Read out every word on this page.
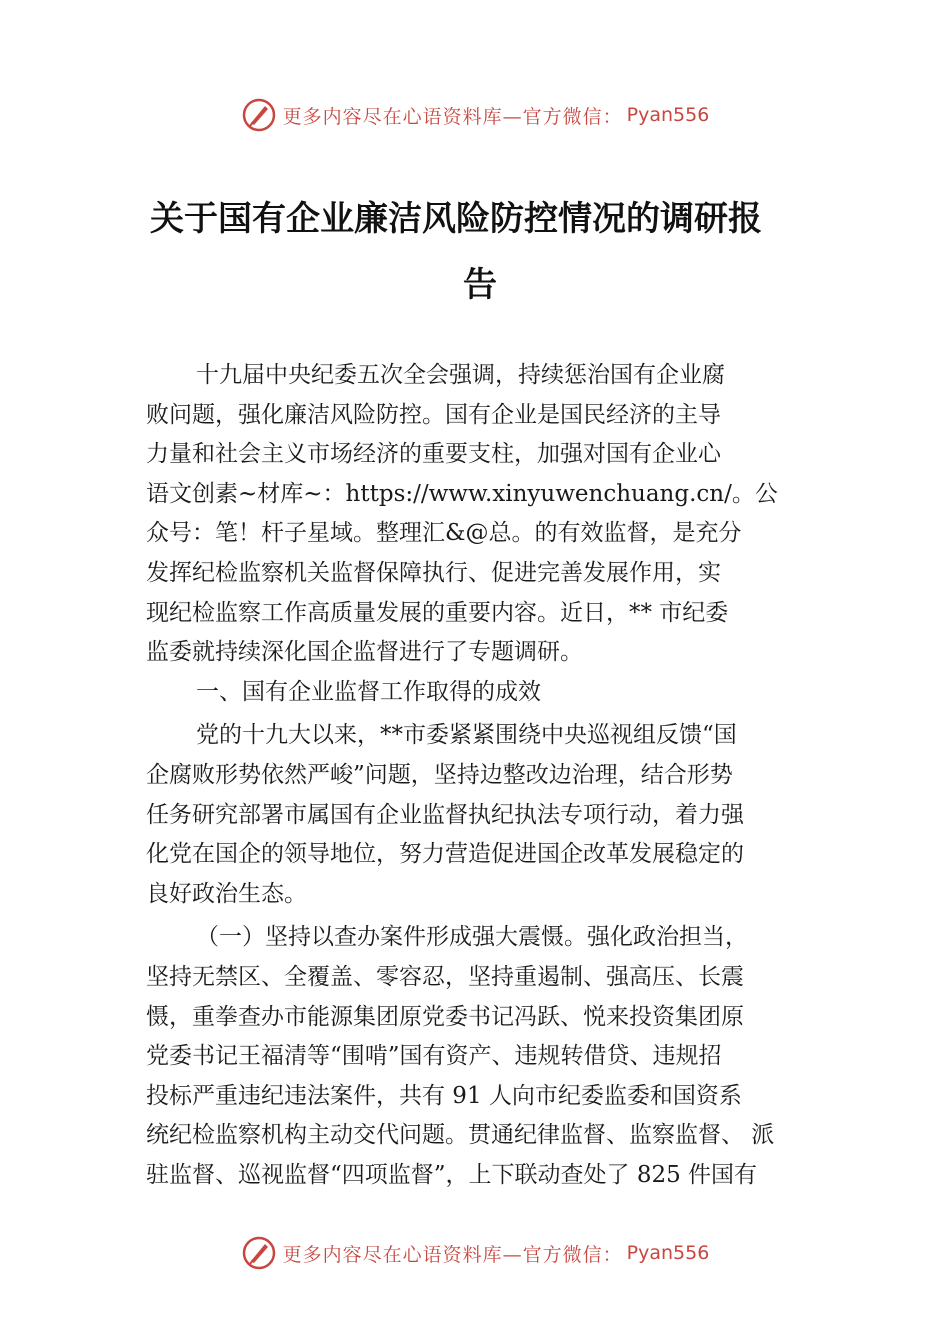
更多内容尽在心语资料库—官方微信： Pyan556
关于国有企业廉洁风险防控情况的调研报
告
十九届中央纪委五次全会强调，持续惩治国有企业腐
败问题，强化廉洁风险防控。国有企业是国民经济的主导
力量和社会主义市场经济的重要支柱，加强对国有企业心
语文创素~材库~：https://www.xinyuwenchuang.cn/。公
众号：笔！杆子星域。整理汇&@总。的有效监督，是充分
发挥纪检监察机关监督保障执行、促进完善发展作用，实
现纪检监察工作高质量发展的重要内容。近日，** 市纪委
监委就持续深化国企监督进行了专题调研。
一、国有企业监督工作取得的成效
党的十九大以来，**市委紧紧围绕中央巡视组反馈“国
企腐败形势依然严峻”问题，坚持边整改边治理，结合形势
任务研究部署市属国有企业监督执纪执法专项行动，着力强
化党在国企的领导地位，努力营造促进国企改革发展稳定的
良好政治生态。
（一）坚持以查办案件形成强大震慑。强化政治担当，
坚持无禁区、全覆盖、零容忍，坚持重遏制、强高压、长震
慑，重拳查办市能源集团原党委书记冯跃、悦来投资集团原
党委书记王福清等“围啃”国有资产、违规转借贷、违规招
投标严重违纪违法案件，共有 91 人向市纪委监委和国资系
统纪检监察机构主动交代问题。贯通纪律监督、监察监督、 派
驻监督、巡视监督“四项监督”，上下联动查处了 825 件国有
更多内容尽在心语资料库—官方微信： Pyan556
